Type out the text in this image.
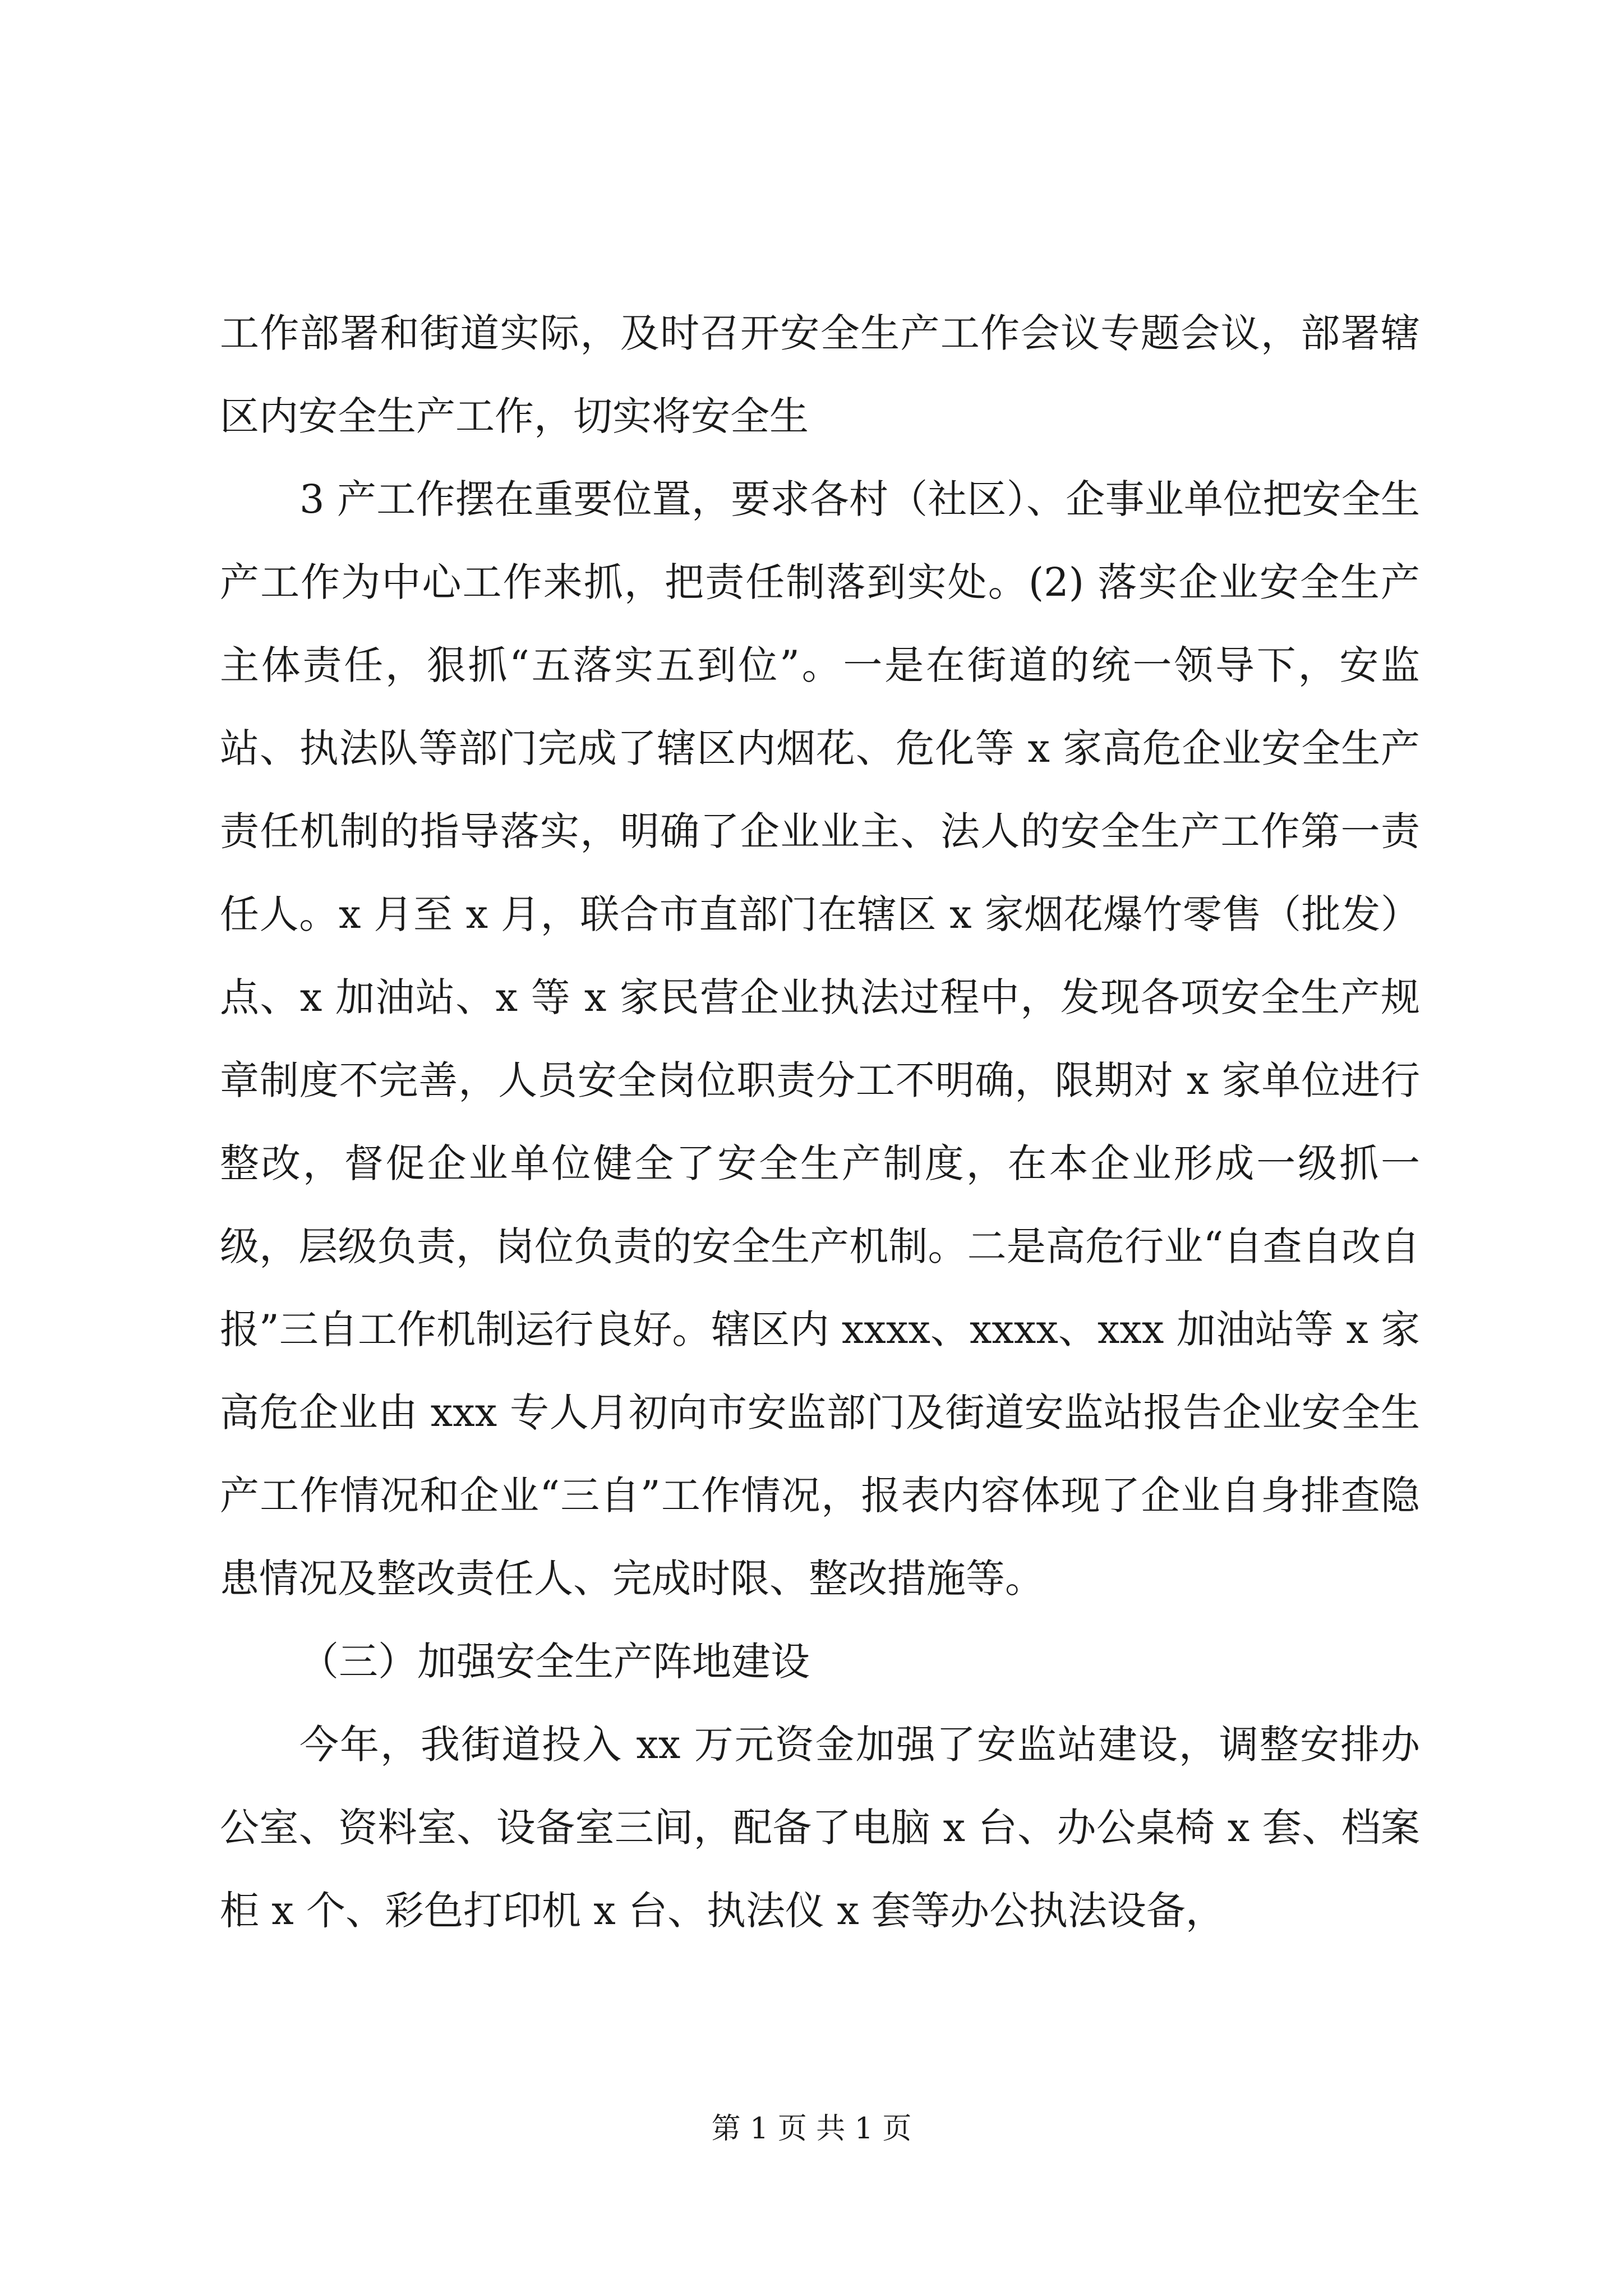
工作部署和街道实际，及时召开安全生产工作会议专题会议，部署辖区内安全生产工作，切实将安全生

3 产工作摆在重要位置，要求各村（社区）、企事业单位把安全生产工作为中心工作来抓，把责任制落到实处。(2) 落实企业安全生产主体责任，狠抓“五落实五到位”。一是在街道的统一领导下，安监站、执法队等部门完成了辖区内烟花、危化等 x 家高危企业安全生产责任机制的指导落实，明确了企业业主、法人的安全生产工作第一责任人。x 月至 x 月，联合市直部门在辖区 x 家烟花爆竹零售（批发）点、x 加油站、x 等 x 家民营企业执法过程中，发现各项安全生产规章制度不完善，人员安全岗位职责分工不明确，限期对 x 家单位进行整改，督促企业单位健全了安全生产制度，在本企业形成一级抓一级，层级负责，岗位负责的安全生产机制。二是高危行业“自查自改自报”三自工作机制运行良好。辖区内 xxxx、xxxx、xxx 加油站等 x 家高危企业由 xxx 专人月初向市安监部门及街道安监站报告企业安全生产工作情况和企业“三自”工作情况，报表内容体现了企业自身排查隐患情况及整改责任人、完成时限、整改措施等。

（三）加强安全生产阵地建设

今年，我街道投入 xx 万元资金加强了安监站建设，调整安排办公室、资料室、设备室三间，配备了电脑 x 台、办公桌椅 x 套、档案柜 x 个、彩色打印机 x 台、执法仪 x 套等办公执法设备，

第 1 页 共 1 页
